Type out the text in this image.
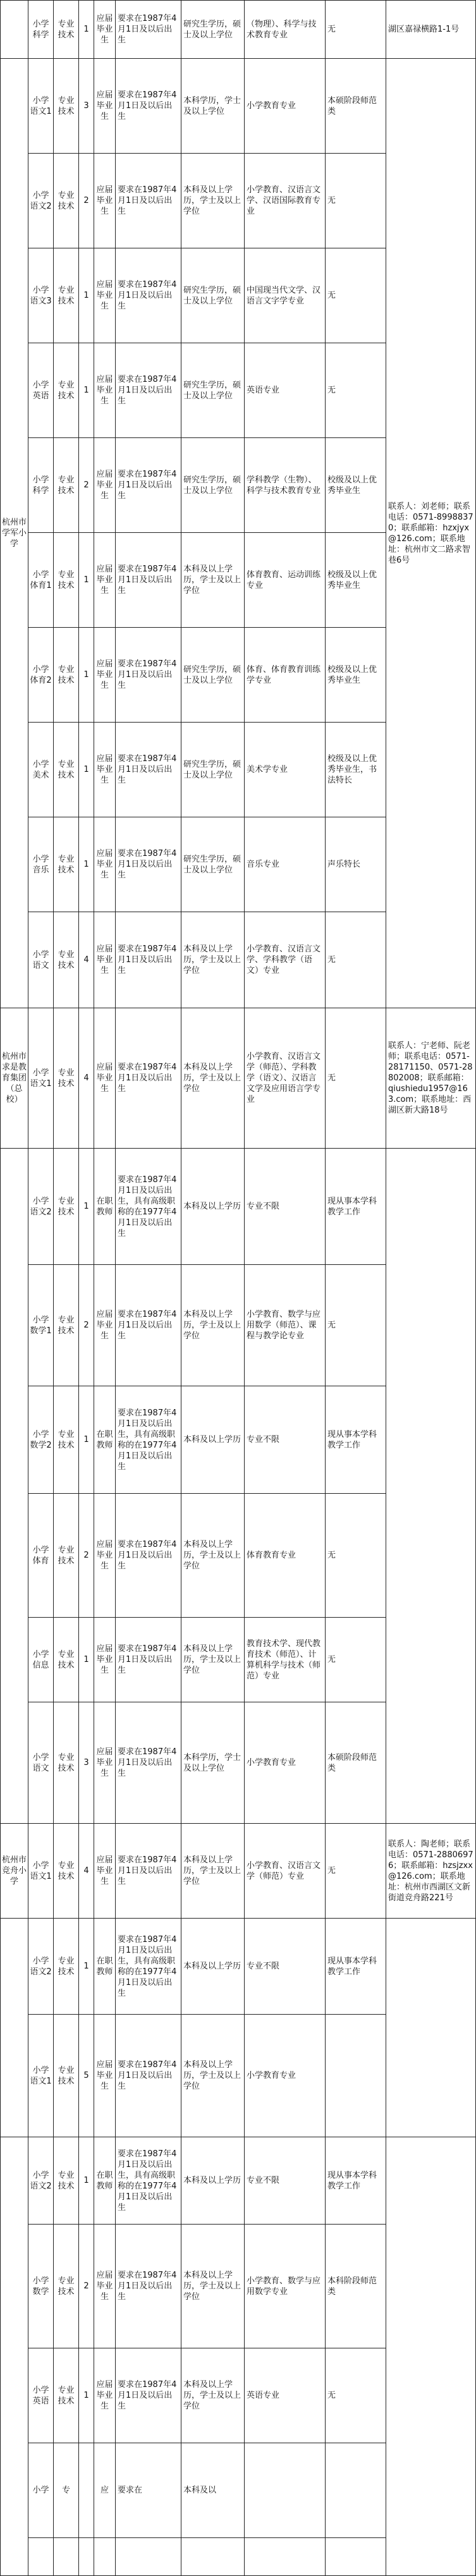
	小学科学	专业技术	1	应届毕业生	要求在1987年4月1日及以后出生	研究生学历，硕士及以上学位	（物理）、科学与技术教育专业	无	湖区嘉禄横路1-1号
杭州市学军小学	小学语文1	专业技术	3	应届毕业生	要求在1987年4月1日及以后出生	本科学历，学士及以上学位	小学教育专业	本硕阶段师范类	联系人：刘老师；联系电话：0571-89988370；联系邮箱：hzxjyx@126.com；联系地址：杭州市文二路求智巷6号
	小学语文2	专业技术	2	应届毕业生	要求在1987年4月1日及以后出生	本科及以上学历，学士及以上学位	小学教育、汉语言文学、汉语国际教育专业	无	
	小学语文3	专业技术	1	应届毕业生	要求在1987年4月1日及以后出生	研究生学历，硕士及以上学位	中国现当代文学、汉语言文字学专业	无	
	小学英语	专业技术	1	应届毕业生	要求在1987年4月1日及以后出生	研究生学历，硕士及以上学位	英语专业	无	
	小学科学	专业技术	2	应届毕业生	要求在1987年4月1日及以后出生	研究生学历，硕士及以上学位	学科教学（生物）、科学与技术教育专业	校级及以上优秀毕业生	
	小学体育1	专业技术	1	应届毕业生	要求在1987年4月1日及以后出生	本科及以上学历，学士及以上学位	体育教育、运动训练专业	校级及以上优秀毕业生	
	小学体育2	专业技术	1	应届毕业生	要求在1987年4月1日及以后出生	研究生学历，硕士及以上学位	体育、体育教育训练学专业	校级及以上优秀毕业生	
	小学美术	专业技术	1	应届毕业生	要求在1987年4月1日及以后出生	研究生学历，硕士及以上学位	美术学专业	校级及以上优秀毕业生，书法特长	
	小学音乐	专业技术	1	应届毕业生	要求在1987年4月1日及以后出生	研究生学历，硕士及以上学位	音乐专业	声乐特长	
	小学语文	专业技术	4	应届毕业生	要求在1987年4月1日及以后出生	本科及以上学历，学士及以上学位	小学教育、汉语言文学、学科教学（语文）专业	无	
杭州市求是教育集团（总校）	小学语文1	专业技术	4	应届毕业生	要求在1987年4月1日及以后出生	本科及以上学历，学士及以上学位	小学教育、汉语言文学（师范）、学科教学（语文）、汉语言文学及应用语言学专业	无	联系人：宁老师、阮老师；联系电话：0571-28171150、0571-28802008；联系邮箱：qiushiedu1957@163.com；联系地址：西湖区新大路18号
	小学语文2	专业技术	1	在职教师	要求在1987年4月1日及以后出生，具有高级职称的在1977年4月1日及以后出生	本科及以上学历	专业不限	现从事本学科教学工作	
	小学数学1	专业技术	2	应届毕业生	要求在1987年4月1日及以后出生	本科及以上学历，学士及以上学位	小学教育、数学与应用数学（师范）、课程与教学论专业	无	
	小学数学2	专业技术	1	在职教师	要求在1987年4月1日及以后出生，具有高级职称的在1977年4月1日及以后出生	本科及以上学历	专业不限	现从事本学科教学工作	
	小学体育	专业技术	2	应届毕业生	要求在1987年4月1日及以后出生	本科及以上学历，学士及以上学位	体育教育专业	无	
	小学信息	专业技术	1	应届毕业生	要求在1987年4月1日及以后出生	本科及以上学历，学士及以上学位	教育技术学、现代教育技术（师范）、计算机科学与技术（师范）专业	无	
	小学语文	专业技术	3	应届毕业生	要求在1987年4月1日及以后出生	本科学历，学士及以上学位	小学教育专业	本硕阶段师范类	
杭州市竞舟小学	小学语文1	专业技术	4	应届毕业生	要求在1987年4月1日及以后出生	本科及以上学历，学士及以上学位	小学教育、汉语言文学（师范）专业	无	联系人：陶老师；联系电话：0571-28806976；联系邮箱：hzsjzxx@126.com；联系地址：杭州市西湖区文新街道竞舟路221号
	小学语文2	专业技术	1	在职教师	要求在1987年4月1日及以后出生，具有高级职称的在1977年4月1日及以后出生	本科及以上学历	专业不限	现从事本学科教学工作	
	小学语文1	专业技术	5	应届毕业生	要求在1987年4月1日及以后出生	本科及以上学历，学士及以上学位	小学教育专业		
	小学语文2	专业技术	1	在职教师	要求在1987年4月1日及以后出生，具有高级职称的在1977年4月1日及以后出生	本科及以上学历	专业不限	现从事本学科教学工作	
	小学数学	专业技术	2	应届毕业生	要求在1987年4月1日及以后出生	本科及以上学历，学士及以上学位	小学教育、数学与应用数学专业	本科阶段师范类	
	小学英语	专业技术	1	应届毕业生	要求在1987年4月1日及以后出生	本科及以上学历，学士及以上学位	英语专业	无	
	小学	专		应	要求在	本科及以			
